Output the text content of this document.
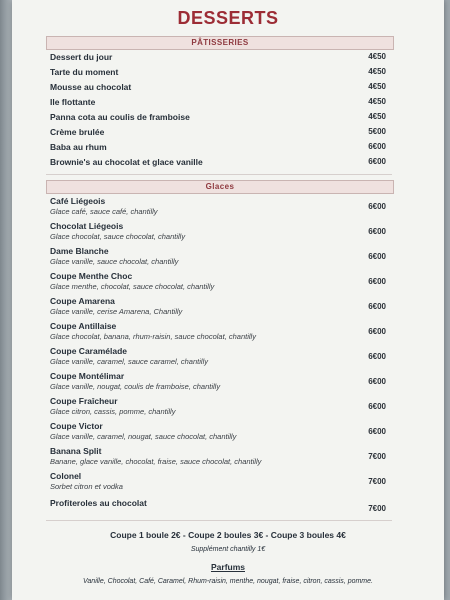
DESSERTS
PÂTISSERIES
Dessert du jour	4€50
Tarte du moment	4€50
Mousse au chocolat	4€50
Ile flottante	4€50
Panna cota au coulis de framboise	4€50
Crème brulée	5€00
Baba au rhum	6€00
Brownie's au chocolat et glace vanille	6€00
Glaces
Café Liégeois
Glace café, sauce café, chantilly
6€00
Chocolat Liégeois
Glace chocolat, sauce chocolat, chantilly
6€00
Dame Blanche
Glace vanille, sauce chocolat, chantilly
6€00
Coupe Menthe Choc
Glace menthe, chocolat, sauce chocolat, chantilly
6€00
Coupe Amarena
Glace vanille, cerise Amarena, Chantilly
6€00
Coupe Antillaise
Glace chocolat, banana, rhum-raisin, sauce chocolat, chantilly
6€00
Coupe Caramélade
Glace vanille, caramel, sauce caramel, chantilly
6€00
Coupe Montélimar
Glace vanille, nougat, coulis de framboise, chantilly
6€00
Coupe Fraîcheur
Glace citron, cassis, pomme, chantilly
6€00
Coupe Victor
Glace vanille, caramel, nougat, sauce chocolat, chantilly
6€00
Banana Split
Banane, glace vanille, chocolat, fraise, sauce chocolat, chantilly
7€00
Colonel
Sorbet citron et vodka
7€00
Profiteroles au chocolat
7€00
Coupe 1 boule 2€ - Coupe 2 boules 3€ - Coupe 3 boules 4€
Supplément chantilly 1€
Parfums
Vanille, Chocolat, Café, Caramel, Rhum-raisin, menthe, nougat, fraise, citron, cassis, pomme.
